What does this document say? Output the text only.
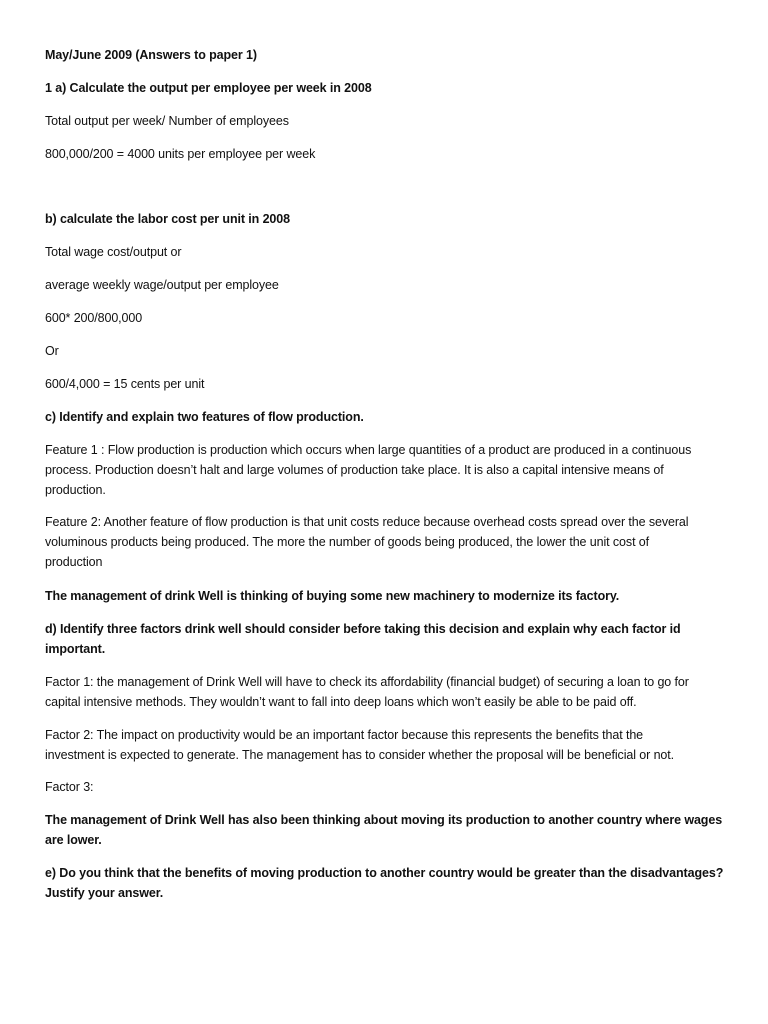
May/June 2009 (Answers to paper 1)
1 a) Calculate the output per employee per week in 2008
Total output per week/ Number of employees
800,000/200 = 4000 units per employee per week
b) calculate the labor cost per unit in 2008
Total wage cost/output or
average weekly wage/output per employee
600* 200/800,000
Or
600/4,000 = 15 cents per unit
c) Identify and explain two features of flow production.
Feature 1 : Flow production is production which occurs when large quantities of a product are produced in a continuous
process. Production doesn’t halt and large volumes of production take place. It is also a capital intensive means of
production.
Feature 2: Another feature of flow production is that unit costs reduce because overhead costs spread over the several
voluminous products being produced. The more the number of goods being produced, the lower the unit cost of
production
The management of drink Well is thinking of buying some new machinery to modernize its factory.
d) Identify three factors drink well should consider before taking this decision and explain why each factor id
important.
Factor 1: the management of Drink Well will have to check its affordability (financial budget) of securing a loan to go for
capital intensive methods. They wouldn’t want to fall into deep loans which won’t easily be able to be paid off.
Factor 2: The impact on productivity would be an important factor because this represents the benefits that the
investment is expected to generate. The management has to consider whether the proposal will be beneficial or not.
Factor 3:
The management of Drink Well has also been thinking about moving its production to another country where wages
are lower.
e) Do you think that the benefits of moving production to another country would be greater than the disadvantages?
Justify your answer.
